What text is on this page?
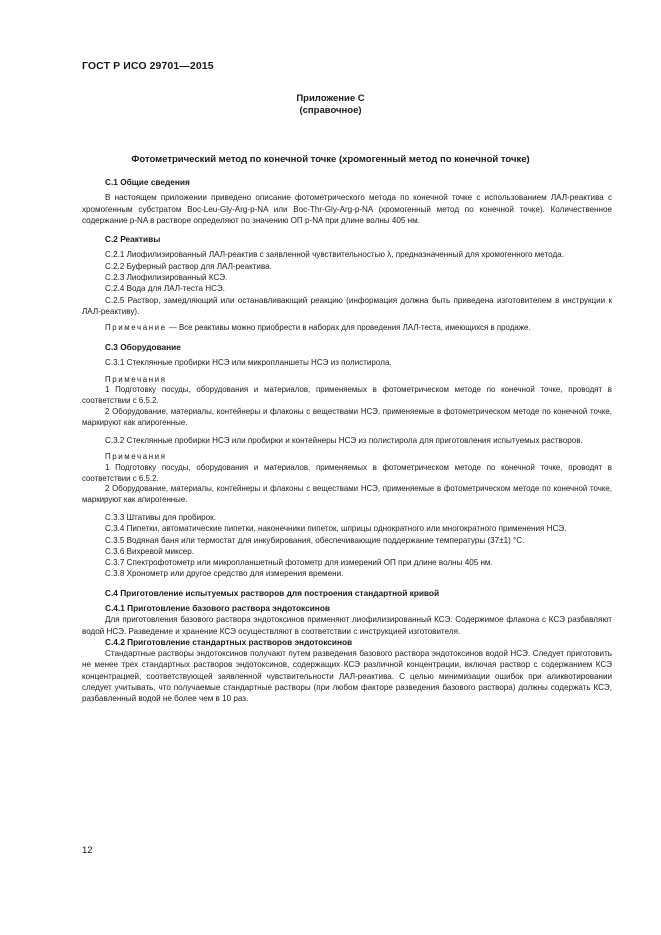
ГОСТ Р ИСО 29701—2015
Приложение С
(справочное)
Фотометрический метод по конечной точке (хромогенный метод по конечной точке)

С.1 Общие сведения

В настоящем приложении приведено описание фотометрического метода по конечной точке с использованием ЛАЛ-реактива с хромогенным субстратом Boc-Leu-Gly-Arg-p-NA или Boc-Thr-Gly-Arg-p-NA (хромогенный метод по конечной точке). Количественное содержание p-NA в растворе определяют по значению ОП p-NA при длине волны 405 нм.

С.2 Реактивы

С.2.1 Лиофилизированный ЛАЛ-реактив с заявленной чувствительностью λ, предназначенный для хромогенного метода.

С.2.2 Буферный раствор для ЛАЛ-реактива.

С.2.3 Лиофилизированный КСЭ.

С.2.4 Вода для ЛАЛ-теста НСЭ.

С.2.5 Раствор, замедляющий или останавливающий реакцию (информация должна быть приведена изготовителем в инструкции к ЛАЛ-реактиву).

Примечание — Все реактивы можно приобрести в наборах для проведения ЛАЛ-теста, имеющихся в продаже.

С.3 Оборудование

С.3.1 Стеклянные пробирки НСЭ или микропланшеты НСЭ из полистирола.

Примечания

1 Подготовку посуды, оборудования и материалов, применяемых в фотометрическом методе по конечной точке, проводят в соответствии с 6.5.2.

2 Оборудование, материалы, контейнеры и флаконы с веществами НСЭ, применяемые в фотометрическом методе по конечной точке, маркируют как апирогенные.

С.3.2 Стеклянные пробирки НСЭ или пробирки и контейнеры НСЭ из полистирола для приготовления испытуемых растворов.

Примечания

1 Подготовку посуды, оборудования и материалов, применяемых в фотометрическом методе по конечной точке, проводят в соответствии с 6.5.2.

2 Оборудование, материалы, контейнеры и флаконы с веществами НСЭ, применяемые в фотометрическом методе по конечной точке, маркируют как апирогенные.

С.3.3 Штативы для пробирок.

С.3.4 Пипетки, автоматические пипетки, наконечники пипеток, шприцы однократного или многократного применения НСЭ.

С.3.5 Водяная баня или термостат для инкубирования, обеспечивающие поддержание температуры (37±1) °С.

С.3.6 Вихревой миксер.

С.3.7 Спектрофотометр или микропланшетный фотометр для измерений ОП при длине волны 405 нм.

С.3.8 Хронометр или другое средство для измерения времени.

С.4 Приготовление испытуемых растворов для построения стандартной кривой

С.4.1 Приготовление базового раствора эндотоксинов

Для приготовления базового раствора эндотоксинов применяют лиофилизированный КСЭ. Содержимое флакона с КСЭ разбавляют водой НСЭ. Разведение и хранение КСЭ осуществляют в соответствии с инструкцией изготовителя.

С.4.2 Приготовление стандартных растворов эндотоксинов

Стандартные растворы эндотоксинов получают путем разведения базового раствора эндотоксинов водой НСЭ. Следует приготовить не менее трех стандартных растворов эндотоксинов, содержащих КСЭ различной концентрации, включая раствор с содержанием КСЭ концентрацией, соответствующей заявленной чувствительности ЛАЛ-реактива. С целью минимизации ошибок при аликвотировании следует учитывать, что получаемые стандартные растворы (при любом факторе разведения базового раствора) должны содержать КСЭ, разбавленный водой не более чем в 10 раз.

12
